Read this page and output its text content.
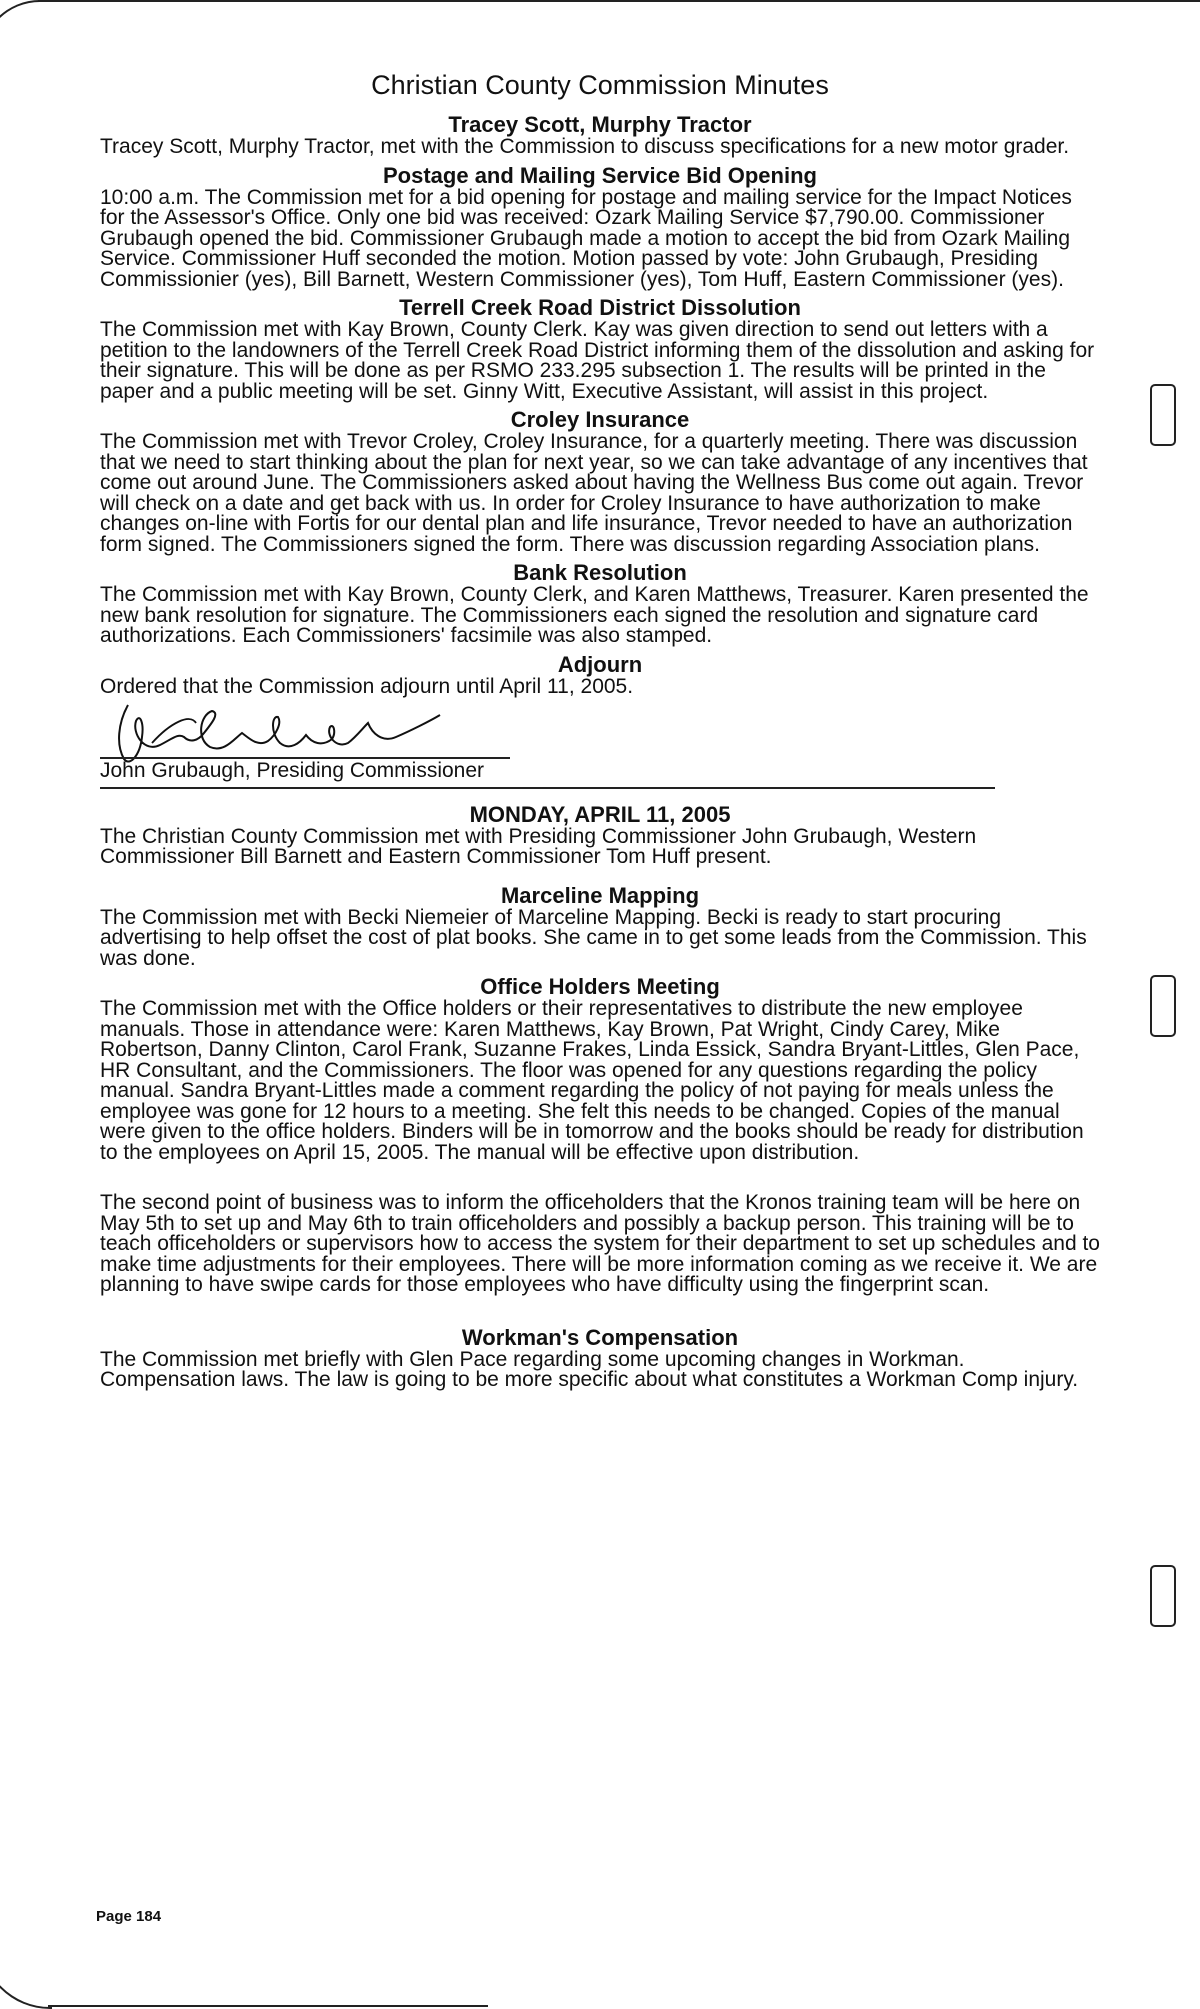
Christian County Commission Minutes
Tracey Scott, Murphy Tractor

Tracey Scott, Murphy Tractor, met with the Commission to discuss specifications for a new motor grader.

Postage and Mailing Service Bid Opening

10:00 a.m. The Commission met for a bid opening for postage and mailing service for the Impact Notices for the Assessor's Office. Only one bid was received: Ozark Mailing Service $7,790.00. Commissioner Grubaugh opened the bid. Commissioner Grubaugh made a motion to accept the bid from Ozark Mailing Service. Commissioner Huff seconded the motion. Motion passed by vote: John Grubaugh, Presiding Commissionier (yes), Bill Barnett, Western Commissioner (yes), Tom Huff, Eastern Commissioner (yes).

Terrell Creek Road District Dissolution

The Commission met with Kay Brown, County Clerk. Kay was given direction to send out letters with a petition to the landowners of the Terrell Creek Road District informing them of the dissolution and asking for their signature. This will be done as per RSMO 233.295 subsection 1. The results will be printed in the paper and a public meeting will be set. Ginny Witt, Executive Assistant, will assist in this project.

Croley Insurance

The Commission met with Trevor Croley, Croley Insurance, for a quarterly meeting. There was discussion that we need to start thinking about the plan for next year, so we can take advantage of any incentives that come out around June. The Commissioners asked about having the Wellness Bus come out again. Trevor will check on a date and get back with us. In order for Croley Insurance to have authorization to make changes on-line with Fortis for our dental plan and life insurance, Trevor needed to have an authorization form signed. The Commissioners signed the form. There was discussion regarding Association plans.

Bank Resolution

The Commission met with Kay Brown, County Clerk, and Karen Matthews, Treasurer. Karen presented the new bank resolution for signature. The Commissioners each signed the resolution and signature card authorizations. Each Commissioners' facsimile was also stamped.

Adjourn

Ordered that the Commission adjourn until April 11, 2005.

John Grubaugh, Presiding Commissioner
MONDAY, APRIL 11, 2005

The Christian County Commission met with Presiding Commissioner John Grubaugh, Western Commissioner Bill Barnett and Eastern Commissioner Tom Huff present.

Marceline Mapping

The Commission met with Becki Niemeier of Marceline Mapping. Becki is ready to start procuring advertising to help offset the cost of plat books. She came in to get some leads from the Commission. This was done.

Office Holders Meeting

The Commission met with the Office holders or their representatives to distribute the new employee manuals. Those in attendance were: Karen Matthews, Kay Brown, Pat Wright, Cindy Carey, Mike Robertson, Danny Clinton, Carol Frank, Suzanne Frakes, Linda Essick, Sandra Bryant-Littles, Glen Pace, HR Consultant, and the Commissioners. The floor was opened for any questions regarding the policy manual. Sandra Bryant-Littles made a comment regarding the policy of not paying for meals unless the employee was gone for 12 hours to a meeting. She felt this needs to be changed. Copies of the manual were given to the office holders. Binders will be in tomorrow and the books should be ready for distribution to the employees on April 15, 2005. The manual will be effective upon distribution.

The second point of business was to inform the officeholders that the Kronos training team will be here on May 5th to set up and May 6th to train officeholders and possibly a backup person. This training will be to teach officeholders or supervisors how to access the system for their department to set up schedules and to make time adjustments for their employees. There will be more information coming as we receive it. We are planning to have swipe cards for those employees who have difficulty using the fingerprint scan.

Workman's Compensation

The Commission met briefly with Glen Pace regarding some upcoming changes in Workman. Compensation laws. The law is going to be more specific about what constitutes a Workman Comp injury.

Page 184
